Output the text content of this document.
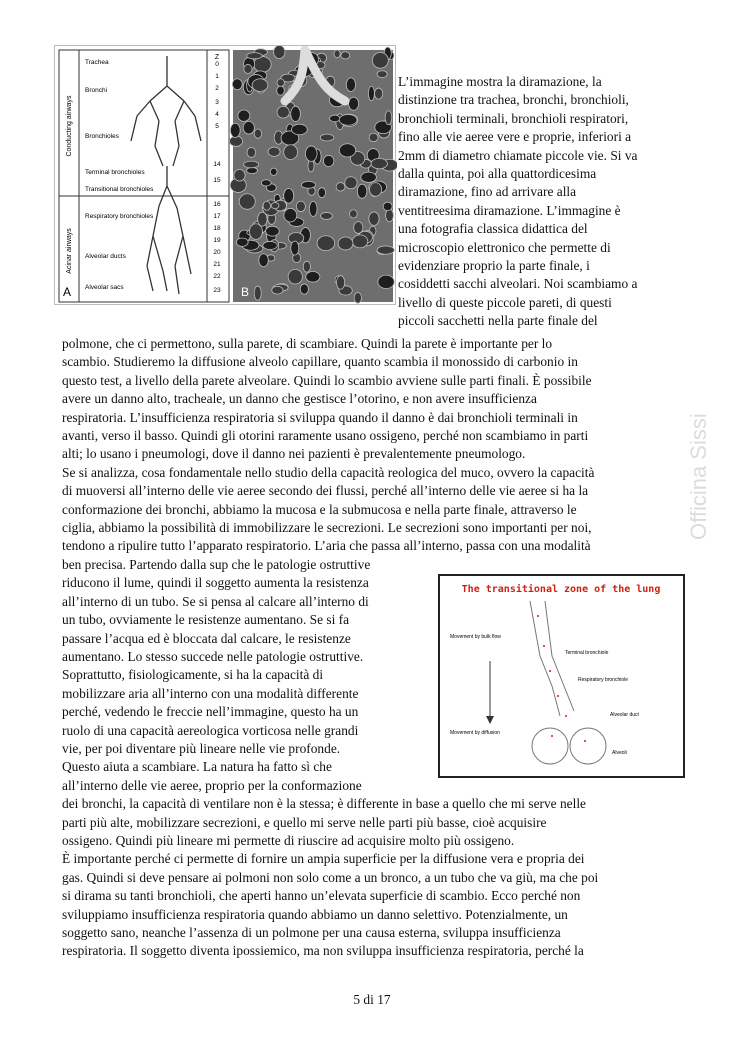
Z
Conducting airways
Acinar airways
Trachea
Bronchi
Bronchioles
Terminal bronchioles
Transitional bronchioles
Respiratory bronchioles
Alveolar ducts
Alveolar sacs
A
0
1
2
3
4
5
14
15
16
17
18
19
20
21
22
23 B
L’immagine mostra la diramazione, la
distinzione tra trachea, bronchi, bronchioli,
bronchioli terminali, bronchioli respiratori,
fino alle vie aeree vere e proprie, inferiori a
2mm di diametro chiamate piccole vie. Si va
dalla quinta, poi alla quattordicesima
diramazione, fino ad arrivare alla
ventitreesima diramazione. L’immagine è
una fotografia classica didattica del
microscopio elettronico che permette di
evidenziare proprio la parte finale, i
cosiddetti sacchi alveolari. Noi scambiamo a
livello di queste piccole pareti, di questi
piccoli sacchetti nella parte finale del
polmone, che ci permettono, sulla parete, di scambiare. Quindi la parete è importante per lo
scambio. Studieremo la diffusione alveolo capillare, quanto scambia il monossido di carbonio in
questo test, a livello della parete alveolare. Quindi lo scambio avviene sulle parti finali. È possibile
avere un danno alto, tracheale, un danno che gestisce l’otorino, e non avere insufficienza
respiratoria. L’insufficienza respiratoria si sviluppa quando il danno è dai bronchioli terminali in
avanti, verso il basso. Quindi gli otorini raramente usano ossigeno, perché non scambiamo in parti
alti; lo usano i pneumologi, dove il danno nei pazienti è prevalentemente pneumologo.
Se si analizza, cosa fondamentale nello studio della capacità reologica del muco, ovvero la capacità
di muoversi all’interno delle vie aeree secondo dei flussi, perché all’interno delle vie aeree si ha la
conformazione dei bronchi, abbiamo la mucosa e la submucosa e nella parte finale, attraverso le
ciglia, abbiamo la possibilità di immobilizzare le secrezioni. Le secrezioni sono importanti per noi,
tendono a ripulire tutto l’apparato respiratorio. L’aria che passa all’interno, passa con una modalità
ben precisa. Partendo dalla sup che le patologie ostruttive
riducono il lume, quindi il soggetto aumenta la resistenza
all’interno di un tubo. Se si pensa al calcare all’interno di
un tubo, ovviamente le resistenze aumentano. Se si fa
passare l’acqua ed è bloccata dal calcare, le resistenze
aumentano. Lo stesso succede nelle patologie ostruttive.
Soprattutto, fisiologicamente, si ha la capacità di
mobilizzare aria all’interno con una modalità differente
perché, vedendo le freccie nell’immagine, questo ha un
ruolo di una capacità aereologica vorticosa nelle grandi
vie, per poi diventare più lineare nelle vie profonde.
Questo aiuta a scambiare. La natura ha fatto sì che
all’interno delle vie aeree, proprio per la conformazione
dei bronchi, la capacità di ventilare non è la stessa; è differente in base a quello che mi serve nelle
parti più alte, mobilizzare secrezioni, e quello mi serve nelle parti più basse, cioè acquisire
ossigeno. Quindi più lineare mi permette di riuscire ad acquisire molto più ossigeno.
È importante perché ci permette di fornire un ampia superficie per la diffusione vera e propria dei
gas. Quindi si deve pensare ai polmoni non solo come a un bronco, a un tubo che va giù, ma che poi
si dirama su tanti bronchioli, che aperti hanno un’elevata superficie di scambio. Ecco perché non
sviluppiamo insufficienza respiratoria quando abbiamo un danno selettivo. Potenzialmente, un
soggetto sano, neanche l’assenza di un polmone per una causa esterna, sviluppa insufficienza
respiratoria. Il soggetto diventa ipossiemico, ma non sviluppa insufficienza respiratoria, perché la
The transitional zone of the lung
Movement by bulk flow
Movement by diffusion
Terminal bronchiole
Respiratory bronchiole
Alveolar duct
Alveoli
Officina Sissi
5 di 17
